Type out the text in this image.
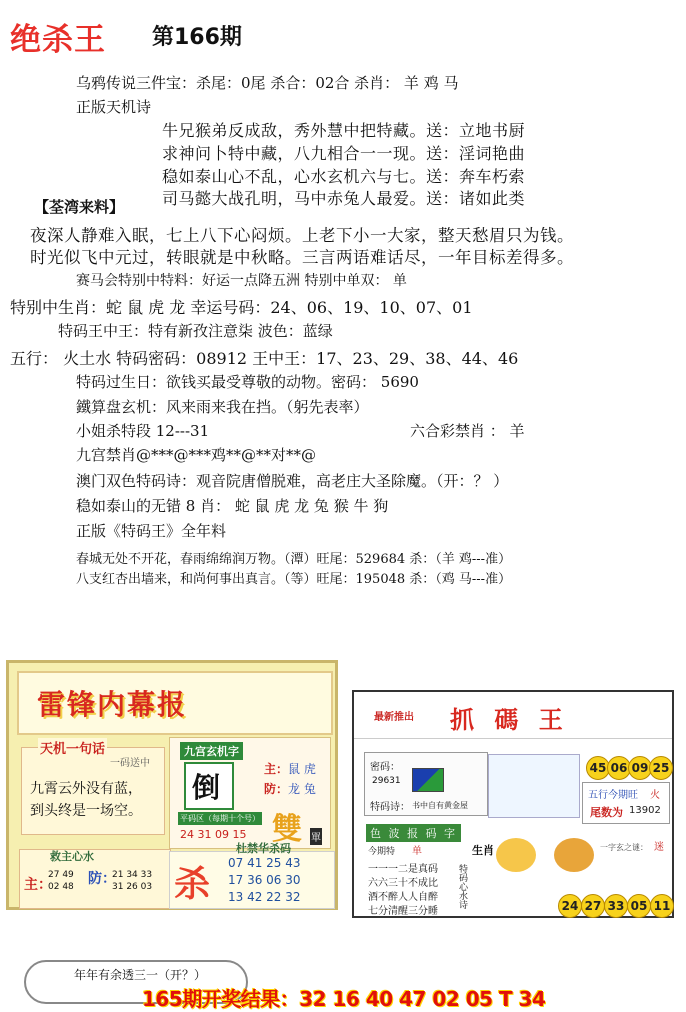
绝杀王 第166期
乌鸦传说三件宝：杀尾：0尾 杀合：02合 杀肖： 羊 鸡 马
正版天机诗
牛兄猴弟反成敌，秀外慧中把特藏。送：立地书厨
求神问卜特中藏，八九相合一一现。送：淫词艳曲
稳如泰山心不乱，心水玄机六与七。送：奔车朽索
司马懿大战孔明，马中赤兔人最爱。送：诸如此类
【荃湾来料】
夜深人静难入眠，七上八下心闷烦。上老下小一大家，整天愁眉只为钱。
时光似飞中元过，转眼就是中秋略。三言两语难话尽，一年目标差得多。
赛马会特别中特料：好运一点降五洲 特别中单双： 单
特别中生肖：蛇 鼠 虎 龙 幸运号码：24、06、19、10、07、01
特码王中王：特有新孜注意柒 波色：蓝绿
五行： 火土水 特码密码：08912 王中王：17、23、29、38、44、46
特码过生日：欲钱买最受尊敬的动物。密码： 5690
鐵算盘玄机：风来雨来我在挡。（躬先表率）
小姐杀特段 12---31	六合彩禁肖 ： 羊
九宫禁肖@***@***鸡**@**对**@
澳门双色特码诗：观音院唐僧脱难，高老庄大圣除魔。（开：？ ）
稳如泰山的无错 8 肖： 蛇 鼠 虎 龙 兔 猴 牛 狗
正版《特码王》全年料
春城无处不开花，春雨绵绵润万物。（潭）旺尾：529684 杀：（羊 鸡---准）
八支红杏出墙来，和尚何事出真言。（等）旺尾：195048 杀：（鸡 马---准）
雷锋内幕报
天机一句话
一码送中
九霄云外没有蓝，
到头终是一场空。
九宫玄机字
倒
主： 鼠 虎
防： 龙 兔
平码区（每期十个号）
24 31 09 15 雙 單
救主心水
主：
27 49
02 48 防：
21 34 33
31 26 03 杀
杜禁华杀码
07 41 25 43
17 36 06 30
13 42 22 32
最新推出 抓 碼 王
密码：
29631
特码诗： 书中自有黄金屋
45 06 09 25
五行今期旺 火
尾数为 13902
色 波 报 码 字
生肖
今期特 单
一一一二是真码
六六三十不成比
酒不醉人人自醉
七分清醒三分睡
特码心水诗
一字玄之谜： 迷
24 27 33 05 11
年年有余透三一（开？）
165期开奖结果：32 16 40 47 02 05 T 34
